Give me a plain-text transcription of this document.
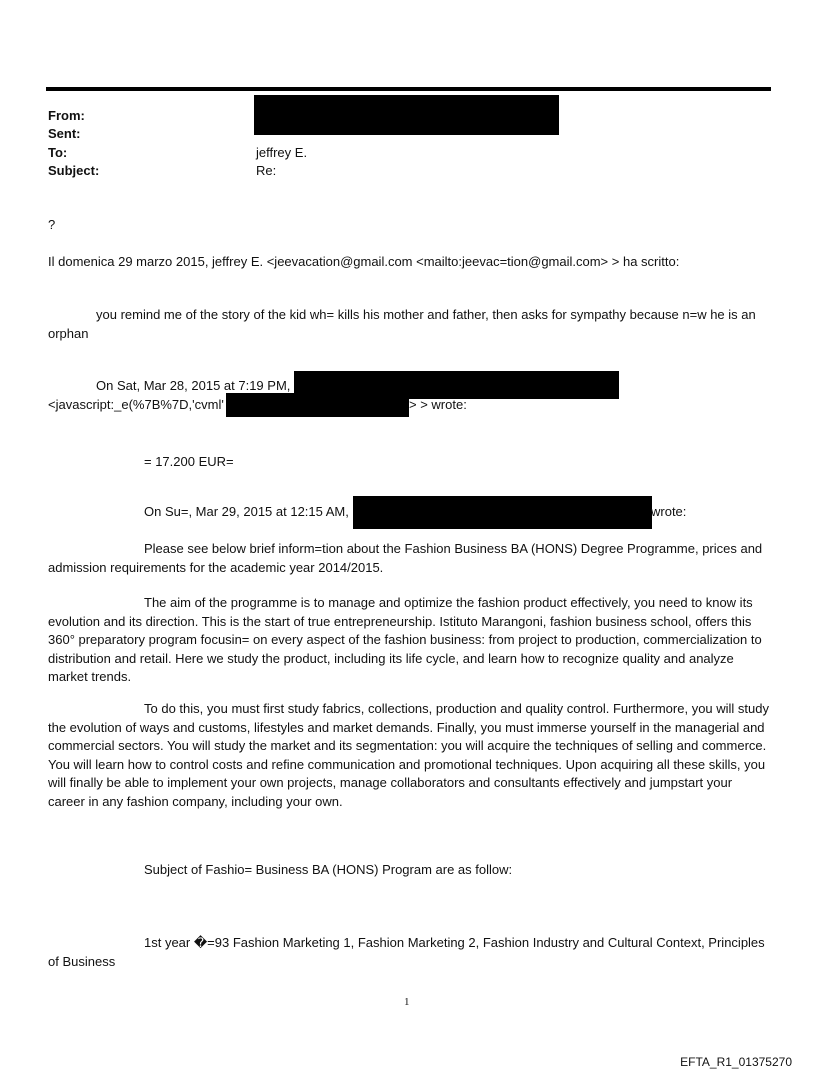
From:
Sent:
To:
Subject:
jeffrey E.
Re:
?
Il domenica 29 marzo 2015, jeffrey E. <jeevacation@gmail.com <mailto:jeevac=tion@gmail.com> > ha scritto:

you remind me of the story of the kid wh= kills his mother and father, then asks for sympathy because n=w he is an orphan

On Sat, Mar 28, 2015 at 7:19 PM,
<javascript:_e(%7B%7D,'cvml'	> > wrote:
= 17.200 EUR=
On Su=, Mar 29, 2015 at 12:15 AM,	wrote:

Please see below brief inform=tion about the Fashion Business BA (HONS) Degree Programme, prices and admission requirements for the academic year 2014/2015.

The aim of the programme is to manage and optimize the fashion product effectively, you need to know its evolution and its direction. This is the start of true entrepreneurship. Istituto Marangoni, fashion business school, offers this 360° preparatory program focusin= on every aspect of the fashion business: from project to production, commercialization to distribution and retail. Here we study the product, including its life cycle, and learn how to recognize quality and analyze market trends.

To do this, you must first study fabrics, collections, production and quality control. Furthermore, you will study the evolution of ways and customs, lifestyles and market demands. Finally, you must immerse yourself in the managerial and commercial sectors. You will study the market and its segmentation: you will acquire the techniques of selling and commerce. You will learn how to control costs and refine communication and promotional techniques. Upon acquiring all these skills, you will finally be able to implement your own projects, manage collaborators and consultants effectively and jumpstart your career in any fashion company, including your own.

Subject of Fashio= Business BA (HONS) Program are as follow:

1st year �=93 Fashion Marketing 1, Fashion Marketing 2, Fashion Industry and Cultural Context, Principles of Business

1
EFTA_R1_01375270
